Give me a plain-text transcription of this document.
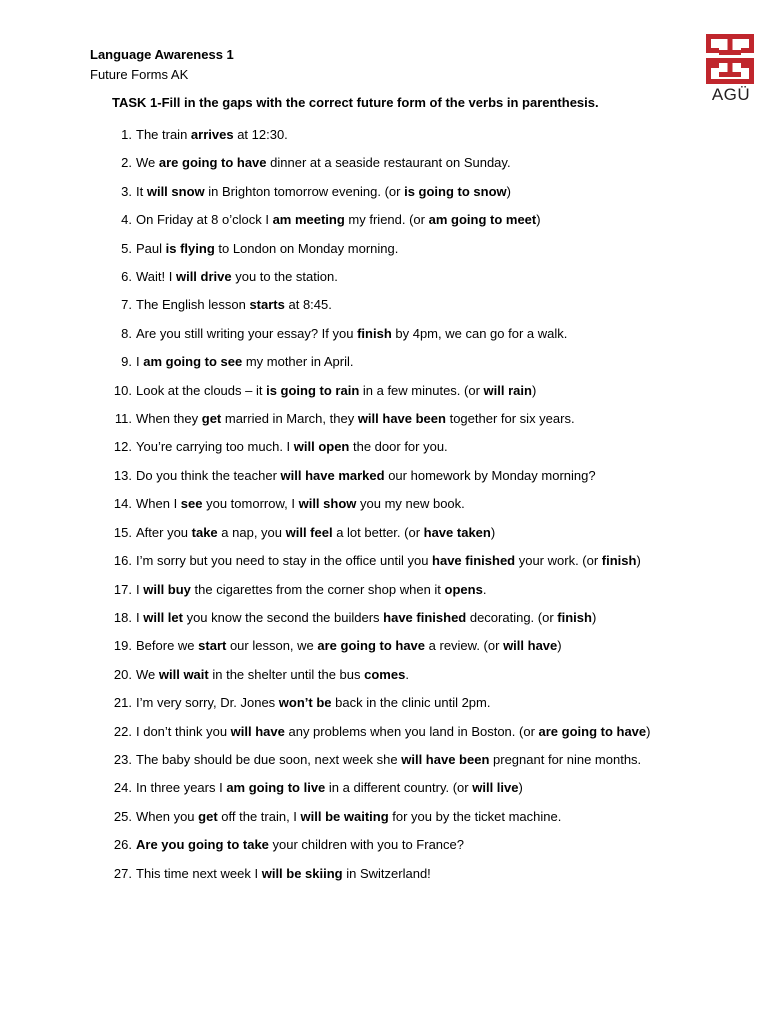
Language Awareness 1
Future Forms AK
AGÜ
TASK 1-Fill in the gaps with the correct future form of the verbs in parenthesis.
1. The train arrives at 12:30.
2. We are going to have dinner at a seaside restaurant on Sunday.
3. It will snow in Brighton tomorrow evening. (or is going to snow)
4. On Friday at 8 o’clock I am meeting my friend. (or am going to meet)
5. Paul is flying to London on Monday morning.
6. Wait! I will drive you to the station.
7. The English lesson starts at 8:45.
8. Are you still writing your essay? If you finish by 4pm, we can go for a walk.
9. I am going to see my mother in April.
10. Look at the clouds – it is going to rain in a few minutes. (or will rain)
11. When they get married in March, they will have been together for six years.
12. You’re carrying too much. I will open the door for you.
13. Do you think the teacher will have marked our homework by Monday morning?
14. When I see you tomorrow, I will show you my new book.
15. After you take a nap, you will feel a lot better. (or have taken)
16. I’m sorry but you need to stay in the office until you have finished your work. (or finish)
17. I will buy the cigarettes from the corner shop when it opens.
18. I will let you know the second the builders have finished decorating. (or finish)
19. Before we start our lesson, we are going to have a review. (or will have)
20. We will wait in the shelter until the bus comes.
21. I’m very sorry, Dr. Jones won’t be back in the clinic until 2pm.
22. I don’t think you will have any problems when you land in Boston. (or are going to have)
23. The baby should be due soon, next week she will have been pregnant for nine months.
24. In three years I am going to live in a different country. (or will live)
25. When you get off the train, I will be waiting for you by the ticket machine.
26. Are you going to take your children with you to France?
27. This time next week I will be skiing in Switzerland!
